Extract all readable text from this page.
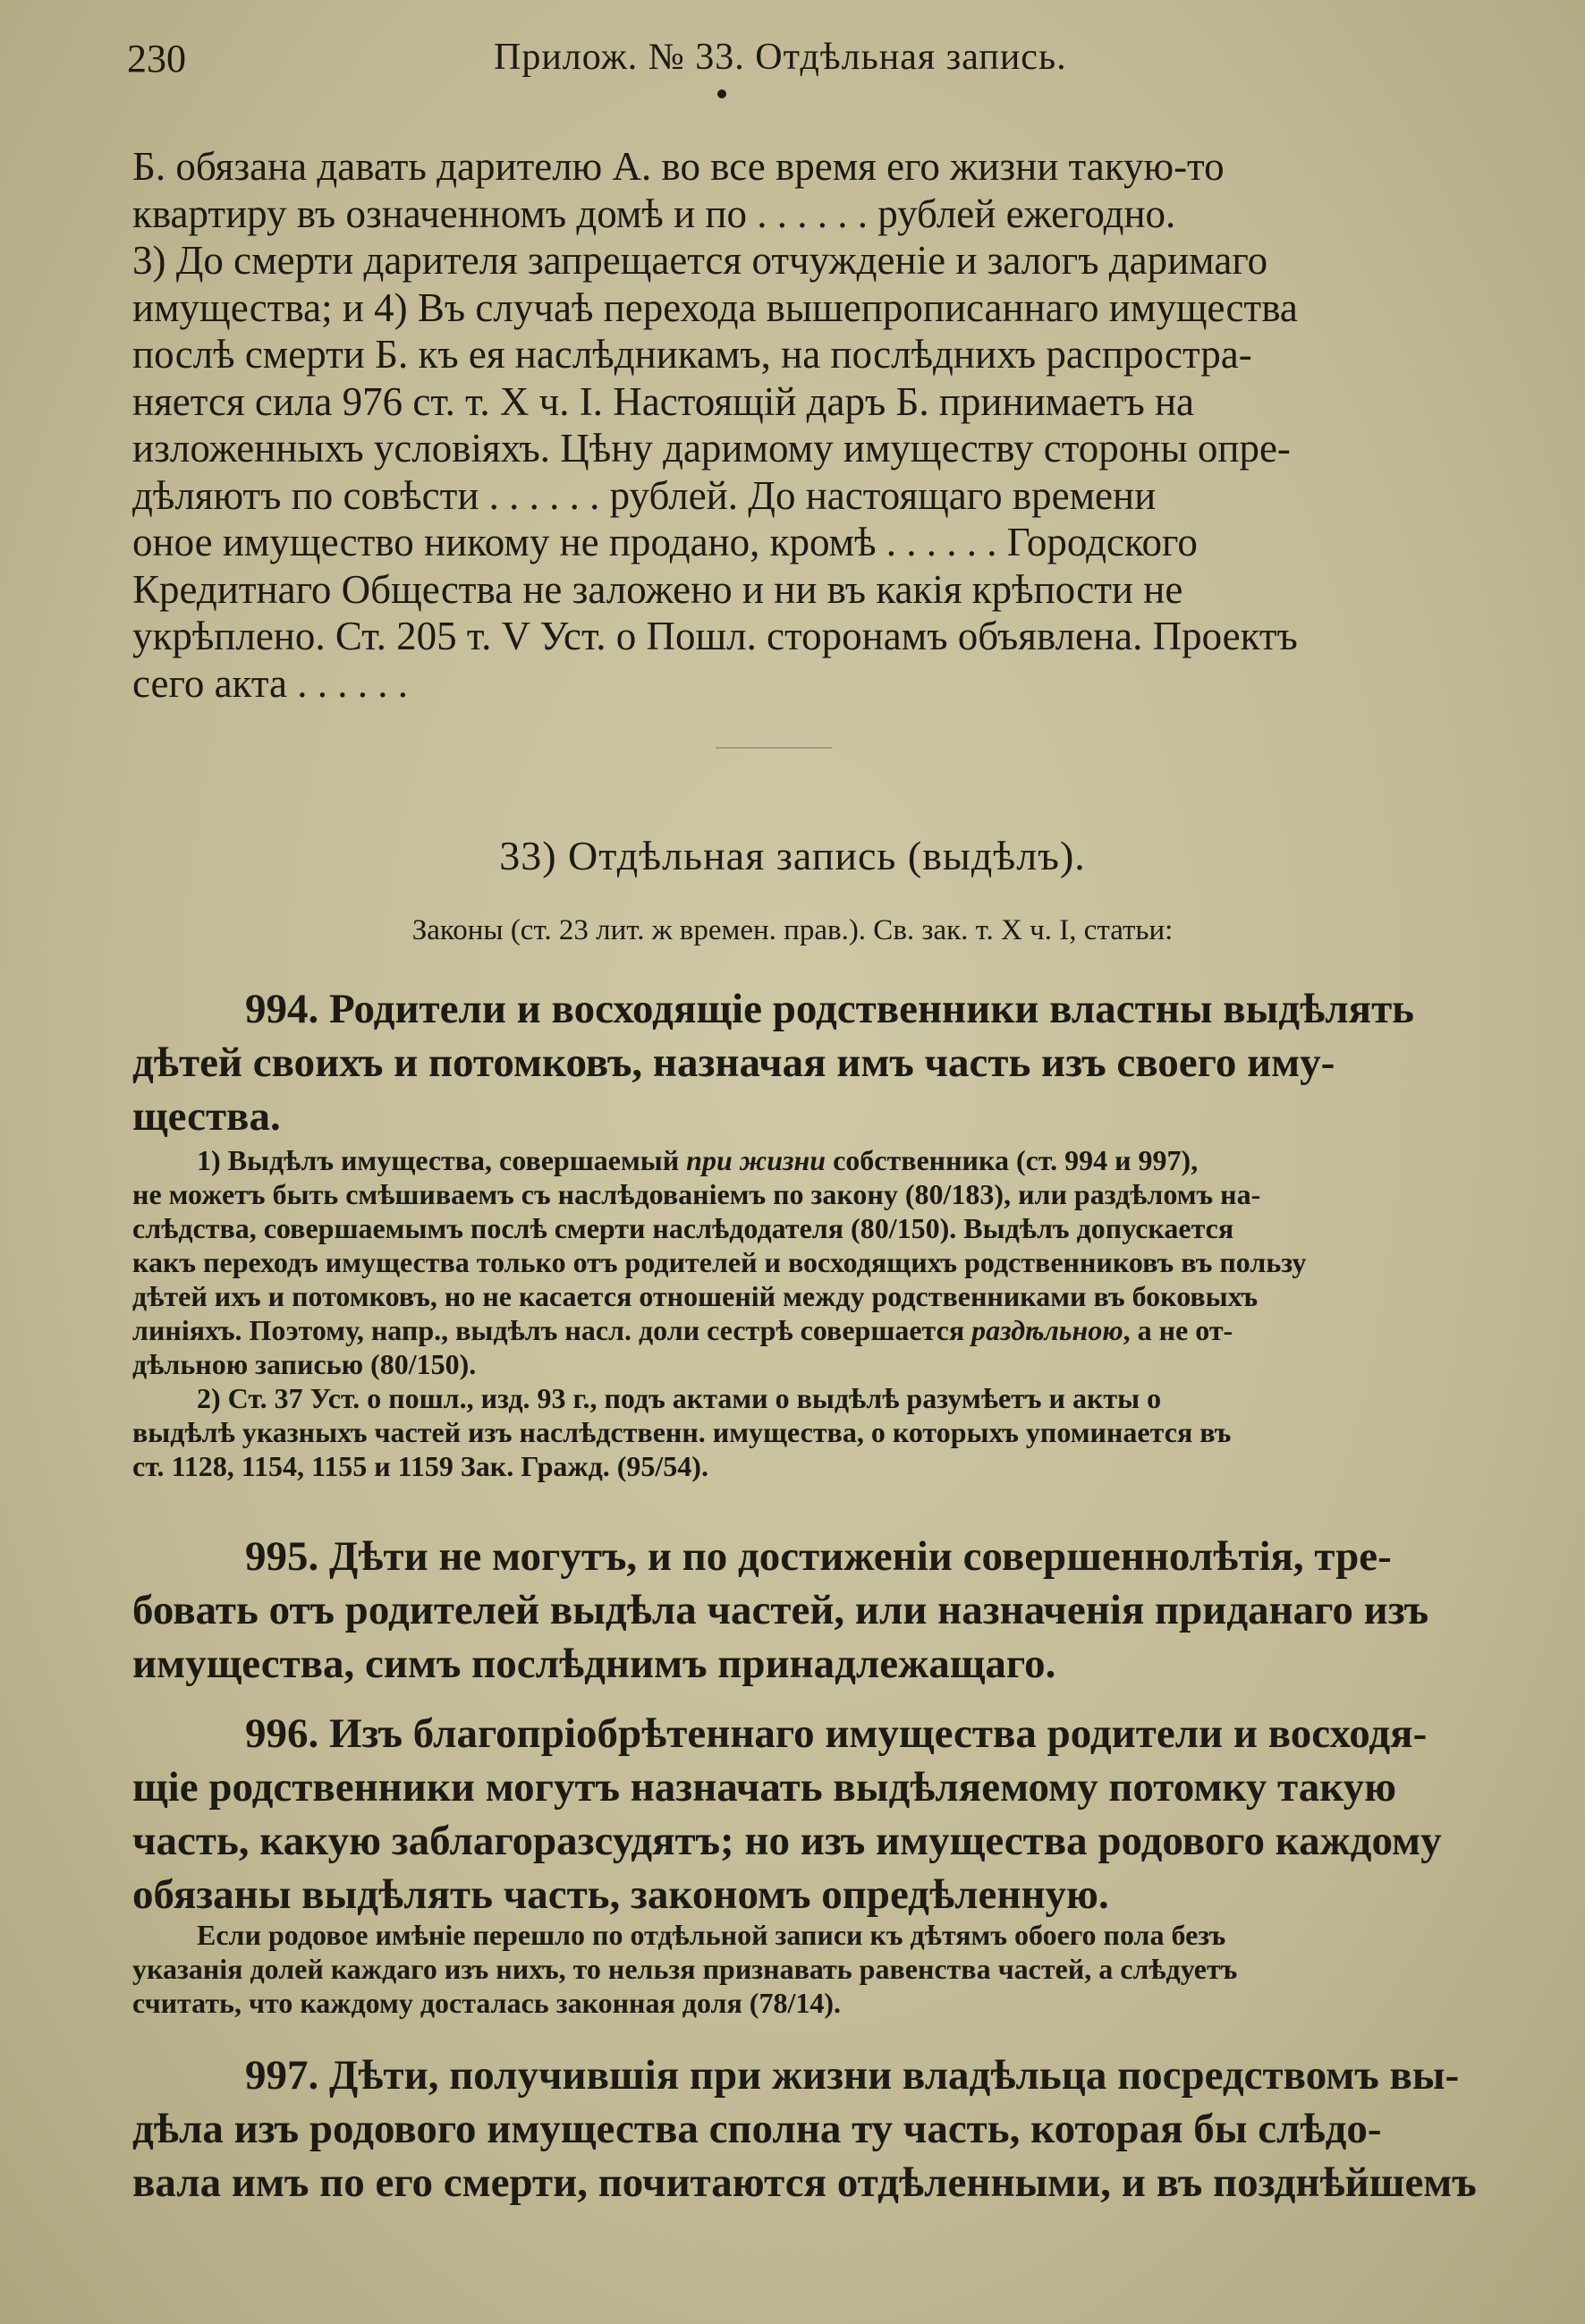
230	Прилож. № 33. Отдѣльная запись.
Б. обязана давать дарителю А. во все время его жизни такую-то
квартиру въ означенномъ домѣ и по . . . . . . рублей ежегодно.
3) До смерти дарителя запрещается отчужденіе и залогъ даримаго
имущества; и 4) Въ случаѣ перехода вышепрописаннаго имущества
послѣ смерти Б. къ ея наслѣдникамъ, на послѣднихъ распростра-
няется сила 976 ст. т. Х ч. І. Настоящій даръ Б. принимаетъ на
изложенныхъ условіяхъ. Цѣну даримому имуществу стороны опре-
дѣляютъ по совѣсти . . . . . . рублей. До настоящаго времени
оное имущество никому не продано, кромѣ . . . . . . Городского
Кредитнаго Общества не заложено и ни въ какія крѣпости не
укрѣплено. Ст. 205 т. V Уст. о Пошл. сторонамъ объявлена. Проектъ
сего акта . . . . . .
33) Отдѣльная запись (выдѣлъ).
Законы (ст. 23 лит. ж времен. прав.). Св. зак. т. Х ч. І, статьи:
994. Родители и восходящіе родственники властны выдѣлять
дѣтей своихъ и потомковъ, назначая имъ часть изъ своего иму-
щества.
1) Выдѣлъ имущества, совершаемый при жизни собственника (ст. 994 и 997),
не можетъ быть смѣшиваемъ съ наслѣдованіемъ по закону (80/183), или раздѣломъ на-
слѣдства, совершаемымъ послѣ смерти наслѣдодателя (80/150). Выдѣлъ допускается
какъ переходъ имущества только отъ родителей и восходящихъ родственниковъ въ пользу
дѣтей ихъ и потомковъ, но не касается отношеній между родственниками въ боковыхъ
линіяхъ. Поэтому, напр., выдѣлъ насл. доли сестрѣ совершается раздѣльною, а не от-
дѣльною записью (80/150).
2) Ст. 37 Уст. о пошл., изд. 93 г., подъ актами о выдѣлѣ разумѣетъ и акты о
выдѣлѣ указныхъ частей изъ наслѣдственн. имущества, о которыхъ упоминается въ
ст. 1128, 1154, 1155 и 1159 Зак. Гражд. (95/54).
995. Дѣти не могутъ, и по достиженіи совершеннолѣтія, тре-
бовать отъ родителей выдѣла частей, или назначенія приданаго изъ
имущества, симъ послѣднимъ принадлежащаго.
996. Изъ благопріобрѣтеннаго имущества родители и восходя-
щіе родственники могутъ назначать выдѣляемому потомку такую
часть, какую заблагоразсудятъ; но изъ имущества родового каждому
обязаны выдѣлять часть, закономъ опредѣленную.
Если родовое имѣніе перешло по отдѣльной записи къ дѣтямъ обоего пола безъ
указанія долей каждаго изъ нихъ, то нельзя признавать равенства частей, а слѣдуетъ
считать, что каждому досталась законная доля (78/14).
997. Дѣти, получившія при жизни владѣльца посредствомъ вы-
дѣла изъ родового имущества сполна ту часть, которая бы слѣдо-
вала имъ по его смерти, почитаются отдѣленными, и въ позднѣйшемъ
